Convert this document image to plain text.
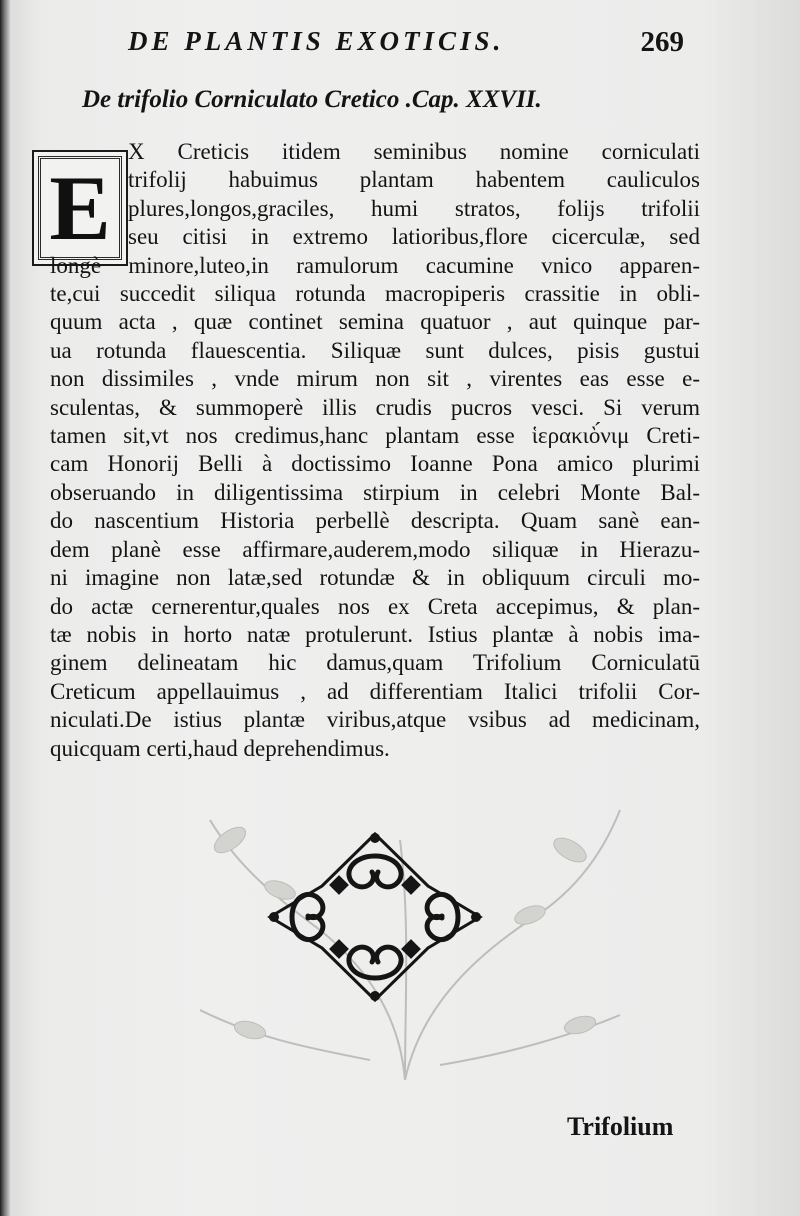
DE PLANTIS EXOTICIS.	269
De trifolio Corniculato Cretico .Cap. XXVII.
E
X Creticis itidem seminibus nomine corniculati
trifolij habuimus plantam habentem cauliculos
plures,longos,graciles, humi stratos, folijs trifolii
seu citisi in extremo latioribus,flore cicerculæ, sed
longè minore,luteo,in ramulorum cacumine vnico apparen-
te,cui succedit siliqua rotunda macropiperis crassitie in obli-
quum acta , quæ continet semina quatuor , aut quinque par-
ua rotunda flauescentia. Siliquæ sunt dulces, pisis gustui
non dissimiles , vnde mirum non sit , virentes eas esse e-
sculentas, & summoperè illis crudis pucros vesci. Si verum
tamen sit,vt nos credimus,hanc plantam esse ἱερακιὸ́νιμ Creti-
cam Honorij Belli à doctissimo Ioanne Pona amico plurimi
obseruando in diligentissima stirpium in celebri Monte Bal-
do nascentium Historia perbellè descripta. Quam sanè ean-
dem planè esse affirmare,auderem,modo siliquæ in Hierazu-
ni imagine non latæ,sed rotundæ & in obliquum circuli mo-
do actæ cernerentur,quales nos ex Creta accepimus, & plan-
tæ nobis in horto natæ protulerunt. Istius plantæ à nobis ima-
ginem delineatam hic damus,quam Trifolium Corniculatū
Creticum appellauimus , ad differentiam Italici trifolii Cor-
niculati.De istius plantæ viribus,atque vsibus ad medicinam,
quicquam certi,haud deprehendimus.
Trifolium
